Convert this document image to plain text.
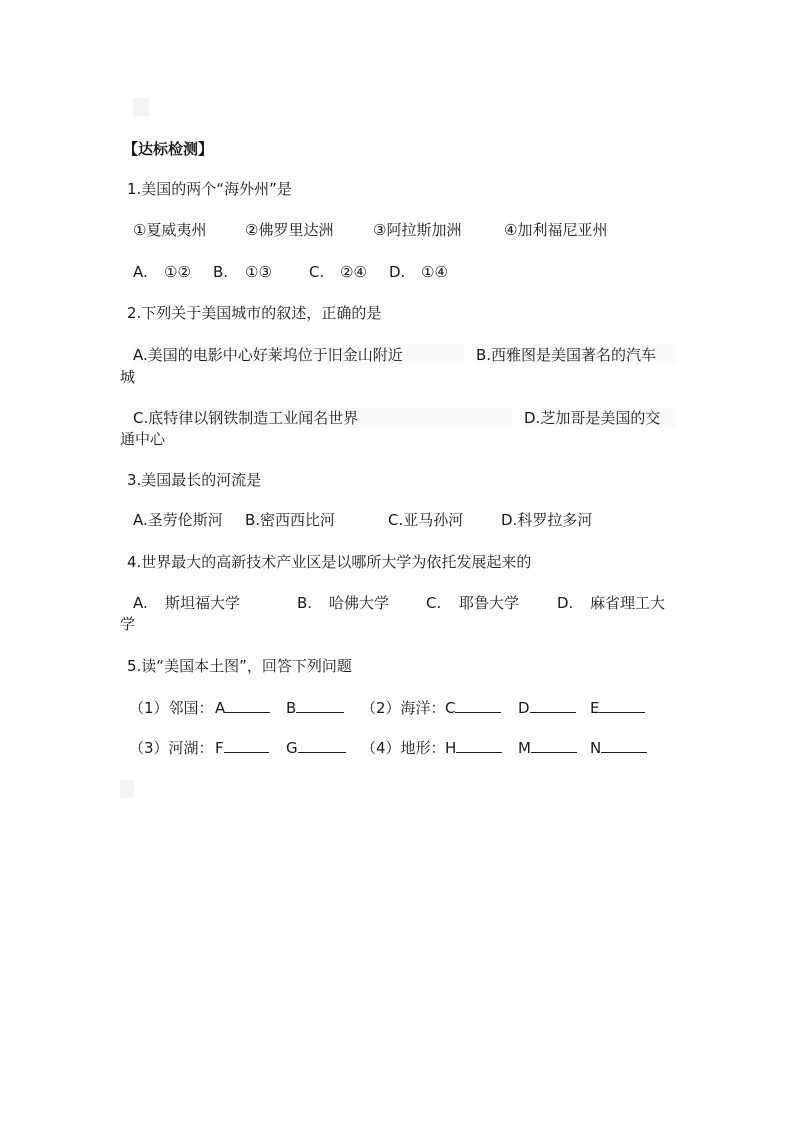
【达标检测】
1.美国的两个“海外州”是
①夏威夷州	②佛罗里达洲	③阿拉斯加洲	④加利福尼亚州
A. ①② B. ①③ C. ②④ D. ①④
2.下列关于美国城市的叙述，正确的是
A.美国的电影中心好莱坞位于旧金山附近	B.西雅图是美国著名的汽车
城
C.底特律以钢铁制造工业闻名世界	D.芝加哥是美国的交
通中心
3.美国最长的河流是
A.圣劳伦斯河 B.密西西比河	C.亚马孙河	D.科罗拉多河
4.世界最大的高新技术产业区是以哪所大学为依托发展起来的
A. 斯坦福大学	B. 哈佛大学 C. 耶鲁大学	D. 麻省理工大
学
5.读“美国本土图”，回答下列问题
（1）邻国： A	B	（2）海洋： C	D	E
（3）河湖： F	G	（4）地形： H	M	N
